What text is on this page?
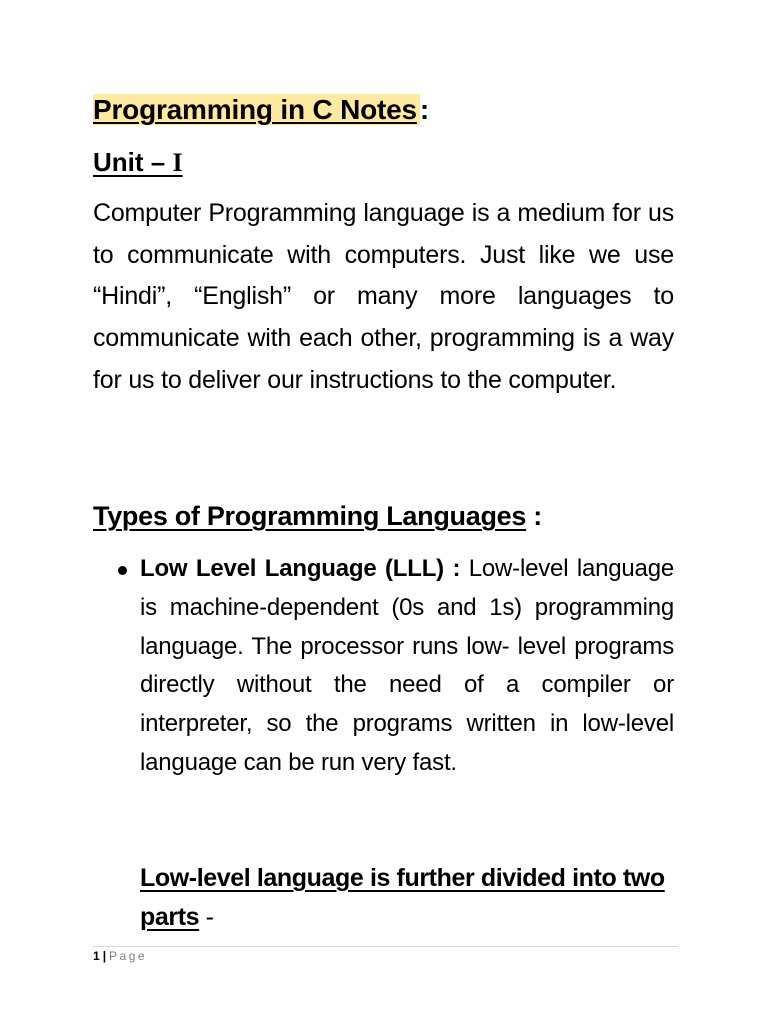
Programming in C Notes :
Unit – I

Computer Programming language is a medium for us to communicate with computers. Just like we use “Hindi”, “English” or many more languages to communicate with each other, programming is a way for us to deliver our instructions to the computer.

Types of Programming Languages :
Low Level Language (LLL) : Low-level language is machine-dependent (0s and 1s) programming language. The processor runs low- level programs directly without the need of a compiler or interpreter, so the programs written in low-level language can be run very fast.

Low-level language is further divided into two parts -

1 | Page
